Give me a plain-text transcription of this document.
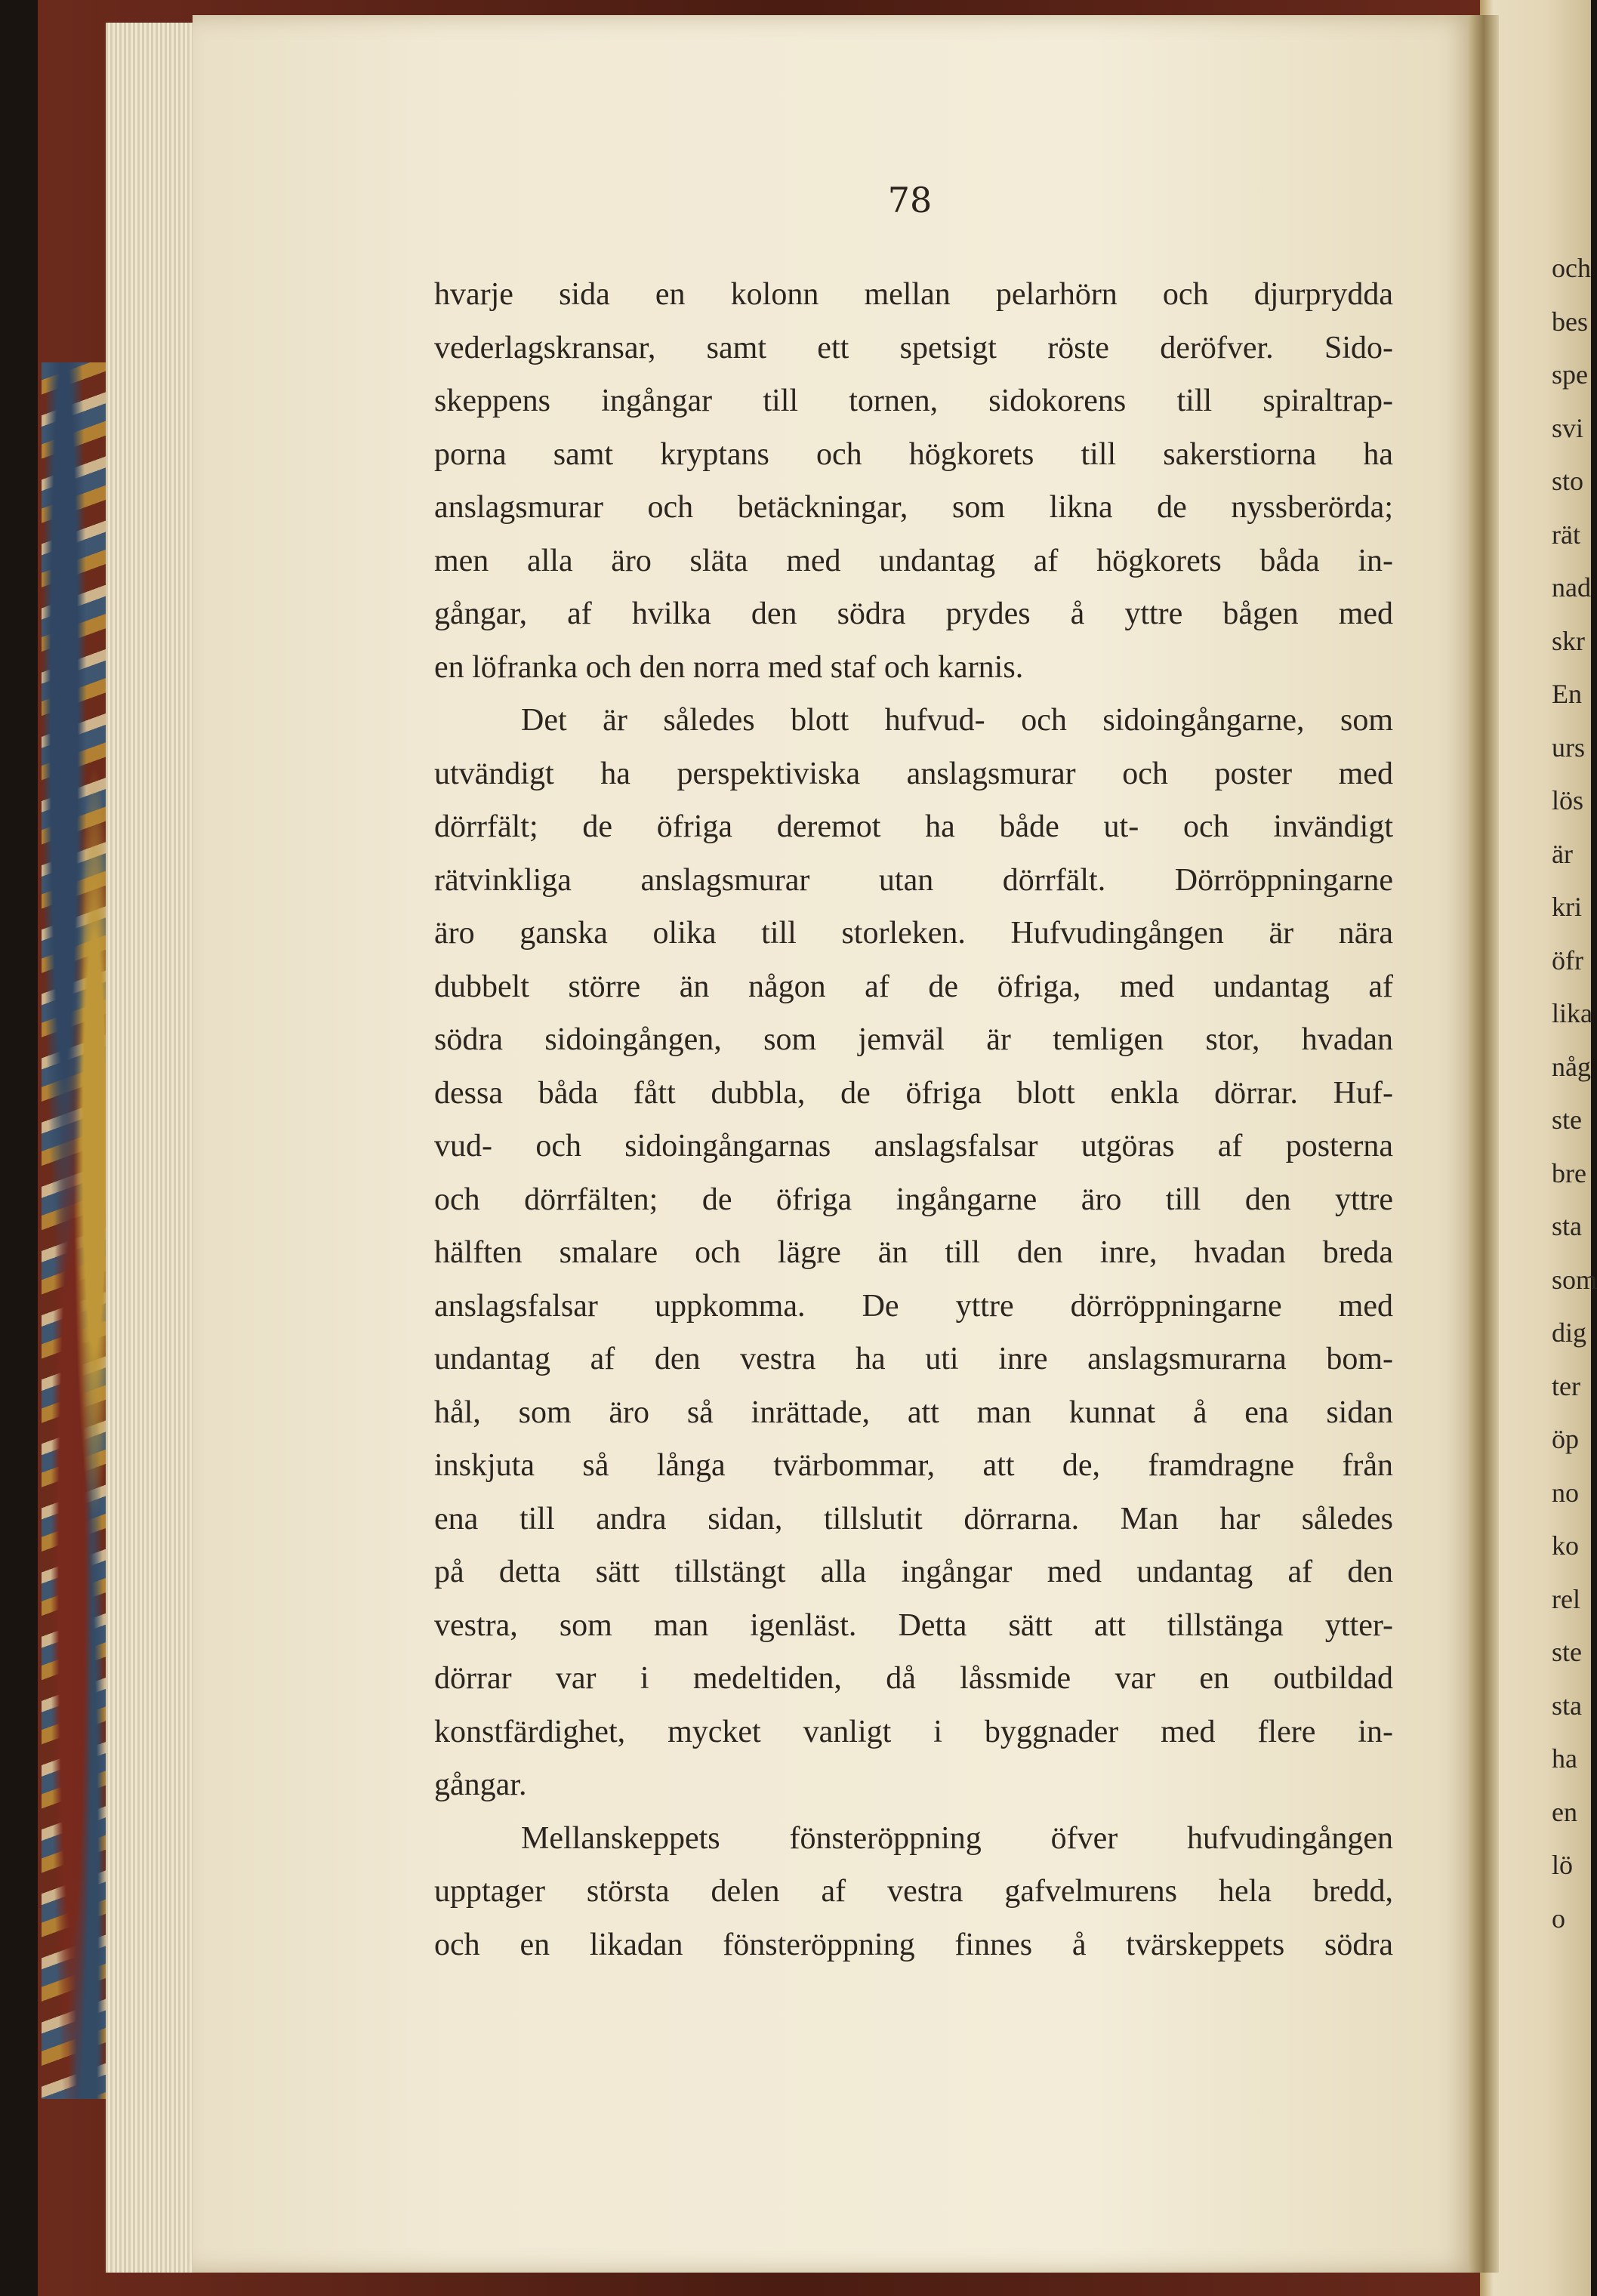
78
hvarje sida en kolonn mellan pelarhörn och djurprydda
vederlagskransar, samt ett spetsigt röste deröfver. Sido-
skeppens ingångar till tornen, sidokorens till spiraltrap-
porna samt kryptans och högkorets till sakerstiorna ha
anslagsmurar och betäckningar, som likna de nyssberörda;
men alla äro släta med undantag af högkorets båda in-
gångar, af hvilka den södra prydes å yttre bågen med
en löfranka och den norra med staf och karnis.
Det är således blott hufvud- och sidoingångarne, som
utvändigt ha perspektiviska anslagsmurar och poster med
dörrfält; de öfriga deremot ha både ut- och invändigt
rätvinkliga anslagsmurar utan dörrfält. Dörröppningarne
äro ganska olika till storleken. Hufvudingången är nära
dubbelt större än någon af de öfriga, med undantag af
södra sidoingången, som jemväl är temligen stor, hvadan
dessa båda fått dubbla, de öfriga blott enkla dörrar. Huf-
vud- och sidoingångarnas anslagsfalsar utgöras af posterna
och dörrfälten; de öfriga ingångarne äro till den yttre
hälften smalare och lägre än till den inre, hvadan breda
anslagsfalsar uppkomma. De yttre dörröppningarne med
undantag af den vestra ha uti inre anslagsmurarna bom-
hål, som äro så inrättade, att man kunnat å ena sidan
inskjuta så långa tvärbommar, att de, framdragne från
ena till andra sidan, tillslutit dörrarna. Man har således
på detta sätt tillstängt alla ingångar med undantag af den
vestra, som man igenläst. Detta sätt att tillstänga ytter-
dörrar var i medeltiden, då låssmide var en outbildad
konstfärdighet, mycket vanligt i byggnader med flere in-
gångar.
Mellanskeppets fönsteröppning öfver hufvudingången
upptager största delen af vestra gafvelmurens hela bredd,
och en likadan fönsteröppning finnes å tvärskeppets södra
och
bes
spe
svi
sto
rät
nad
skr
En
urs
lös
är
kri
öfr
lika
någ
ste
bre
sta
som
dig
ter
öp
no
ko
rel
ste
sta
ha
en
lö
o
